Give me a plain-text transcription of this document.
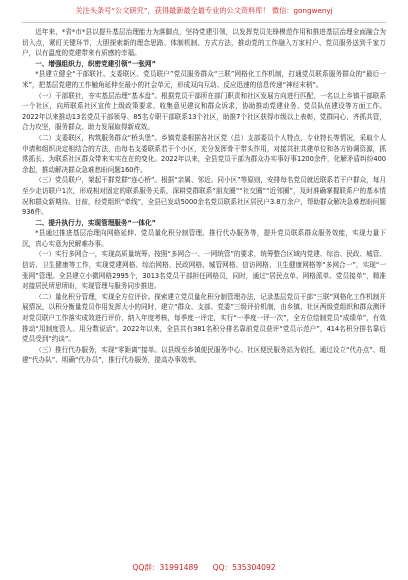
关注头条号“公文研究”，获得最新最全最专业的公文资料库！ 微信：gongwenyj

近年来，*省*市*县以提升基层治理能力为落脚点，坚持党建引领，以发挥党员先锋模范作用和推进基层治理全面融合为切入点，紧盯关键环节，大胆探索新的理念思路、体制机制、方式方法，推动党的工作融入万家村户、党员服务送到千家万户，以有温度的党建带来有质感的幸福。

一、增强组织力，织密党建引领“一张网”

*县建立健全“干部联社、支委联区、党员联户”党员服务群众“三联”网格化工作机制，打通党员联系服务群众的“最后一米”，把基层党建的工作触角延伸至最小的社会单元，形成双向互动、反应迅速的信息传递“神经末梢”。

（一）干部联社，夯实基层治理“基本盘”。根据党员干部所在部门职责和社区发展方向进行匹配，一名以上乡镇干部联系一个社区，向所联系社区宣传上级政策要求、收集意见建议和群众诉求，协助推动党建业务、党员队伍建设等方面工作。2022年以来推动13名党员干部领导、85名专职干部联系13个社区，助推7个社区获得市级以上表彰，党群同心、齐抓共管，合力攻坚，服务群众、助力发展取得新成效。

（二）支委联区，构筑服务群众“桥头堡”。乡镇党委根据各社区党（总）支部委员个人特点，专业特长等情况，采取个人申请和组织决定相结合的方法，由每名支委联系若干个小区，充分发挥骨干带头作用，对接共驻共建单位和各方协调资源，抓常抓长、为联系社区群众带来实实在在的变化。2022年以来，全县党员干部为群众办实事好事1200余件，化解矛盾纠纷400余起，推动解决群众急难愁盼问题160件。

（三）党员联户，架起干群党群“连心桥”。根据“亲属、邻近、同小区”等原则，安排每名党员就近联系若干户群众，每月至少走访联户1次，形成相对固定的联系服务关系，深耕党群联系“朋友圈”“社交圈”“近邻圈”，及时准确掌握联系户的基本情况和群众新期待。目前，经党组织“牵线”，全县已发动5000余名党员联系社区居民户3.8万余户，帮助群众解决急难愁盼问题936件。

二、提升执行力，实现管理服务“一体化”

*县通过推进基层治理向网格延伸、党员量化积分制管理、推行代办服务等，提升党员联系群众服务效能，实现力量下沉，真心实意为民解难办事。

（一）实行多网合一，实现高质量统筹。按照“多网合一、一网统管”的要求，统筹整合区域内党建、综治、民政、城管、信访、卫生健康等工作，实现党建网格、综治网格、民政网格、城管网格、信访网格、卫生健康网格等“多网合一”，实现“一张网”管理。全县建立小微网格2995个，3013名党员干部担任网格员，同时，通过“居民点单、网格派单、党员接单”，精准对接居民所思所盼，实现管理与服务同步推进。

（二）量化积分管理，实现全方位评价。探索建立党员量化积分制管理办法，记录基层党员干部“三联”网格化工作机制开展情况，以积分衡量党员作用发挥大小的同时，建立“群众、支部、党委”三级评价机制，由乡镇、社区两级党组织和群众测评对党员联户工作落实成效进行评价，纳入年度考核，每季度一评定，实行“一季度一评一次”，全方位绘制党员“成绩单”，有效推动“用制度管人、用分数说话”。2022年以来，全县共有381名积分排名靠前党员获评“党员示范户”，414名积分排名靠后党员受到“约谈”。

（三）推行代办服务，实现“零距离”接单。以县级至乡镇便民服务中心、社区便民服务站为依托，通过设立“代办点”、组建“代办队”、明确“代办员”，推行代办服务，提高办事效率。

QQ群：31991489 QQ：535304092
